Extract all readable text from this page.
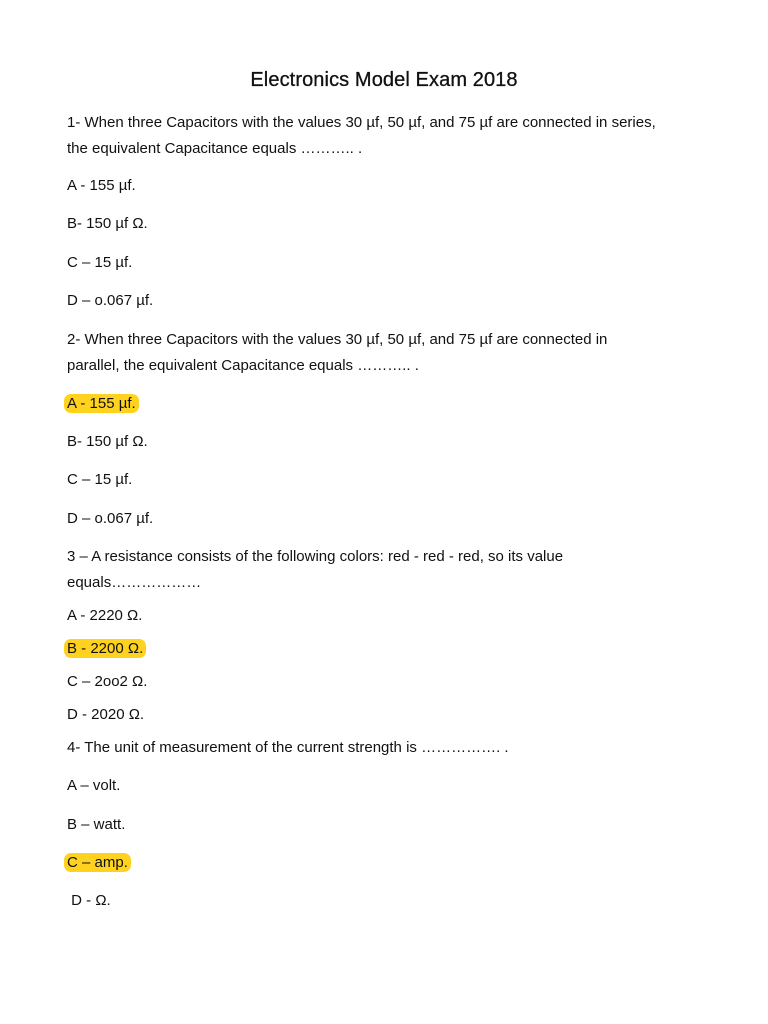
Electronics Model Exam 2018
1- When three Capacitors with the values 30 µf, 50 µf, and 75 µf are connected in series,
the equivalent Capacitance equals ……….. .
A - 155 µf.
B- 150 µf Ω.
C – 15 µf.
D – o.067 µf.
2- When three Capacitors with the values 30 µf, 50 µf, and 75 µf are connected in
parallel, the equivalent Capacitance equals ……….. .
A - 155 µf.
B- 150 µf Ω.
C – 15 µf.
D – o.067 µf.
3 – A resistance consists of the following colors: red - red - red, so its value
equals………………
A - 2220 Ω.
B - 2200 Ω.
C – 2oo2 Ω.
D - 2020 Ω.
4- The unit of measurement of the current strength is ……………. .
A – volt.
B – watt.
C – amp.
D - Ω.
